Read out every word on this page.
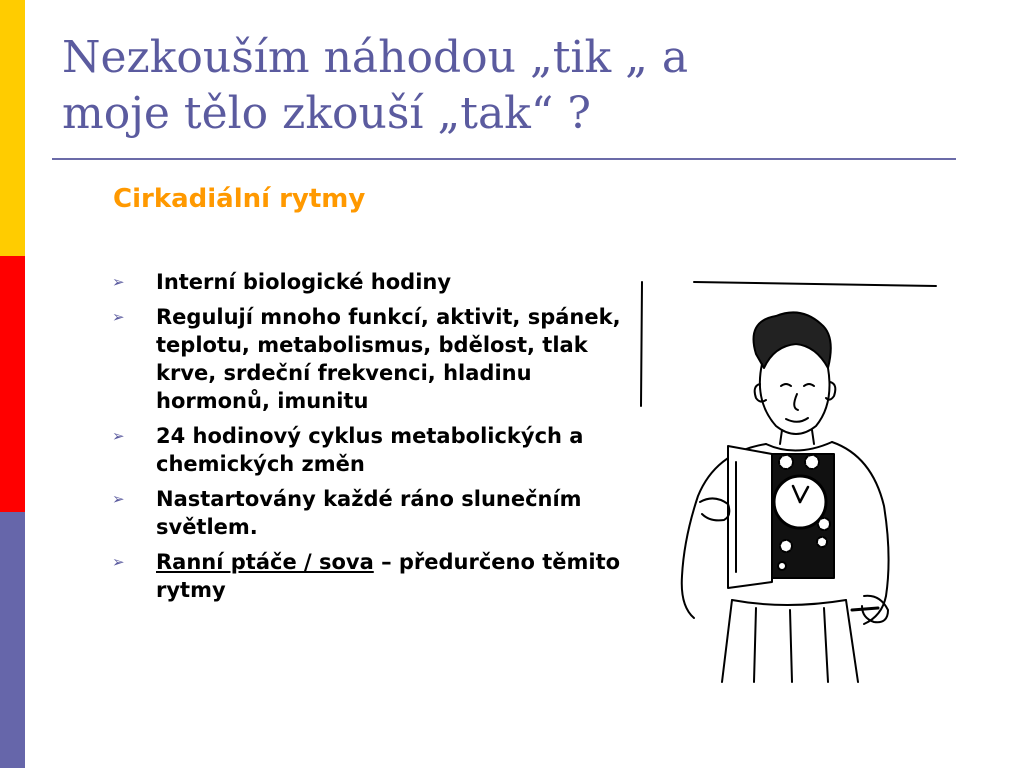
Nezkouším náhodou „tik „ a
moje tělo zkouší „tak“ ?
Cirkadiální rytmy
➢ Interní biologické hodiny
➢ Regulují mnoho funkcí, aktivit, spánek, teplotu, metabolismus, bdělost, tlak krve, srdeční frekvenci, hladinu hormonů, imunitu
➢ 24 hodinový cyklus metabolických a chemických změn
➢ Nastartovány každé ráno slunečním světlem.
➢ Ranní ptáče / sova – předurčeno těmito rytmy
